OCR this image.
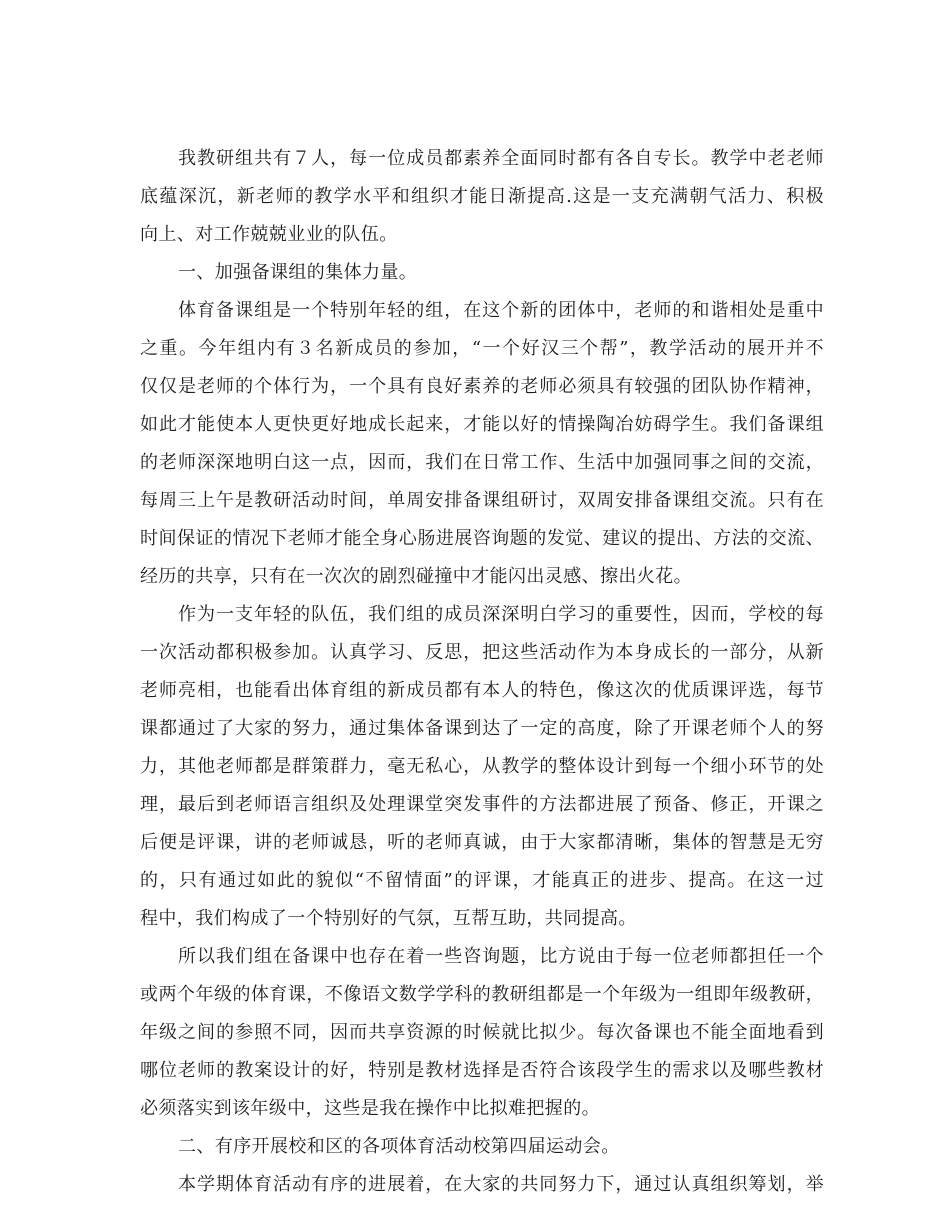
我教研组共有７人，每一位成员都素养全面同时都有各自专长。教学中老老师
底蕴深沉，新老师的教学水平和组织才能日渐提高.这是一支充满朝气活力、积极
向上、对工作兢兢业业的队伍。
一、加强备课组的集体力量。
体育备课组是一个特别年轻的组，在这个新的团体中，老师的和谐相处是重中
之重。今年组内有３名新成员的参加，“一个好汉三个帮”，教学活动的展开并不
仅仅是老师的个体行为，一个具有良好素养的老师必须具有较强的团队协作精神，
如此才能使本人更快更好地成长起来，才能以好的情操陶冶妨碍学生。我们备课组
的老师深深地明白这一点，因而，我们在日常工作、生活中加强同事之间的交流，
每周三上午是教研活动时间，单周安排备课组研讨，双周安排备课组交流。只有在
时间保证的情况下老师才能全身心肠进展咨询题的发觉、建议的提出、方法的交流、
经历的共享，只有在一次次的剧烈碰撞中才能闪出灵感、擦出火花。
作为一支年轻的队伍，我们组的成员深深明白学习的重要性，因而，学校的每
一次活动都积极参加。认真学习、反思，把这些活动作为本身成长的一部分，从新
老师亮相，也能看出体育组的新成员都有本人的特色，像这次的优质课评选，每节
课都通过了大家的努力，通过集体备课到达了一定的高度，除了开课老师个人的努
力，其他老师都是群策群力，毫无私心，从教学的整体设计到每一个细小环节的处
理，最后到老师语言组织及处理课堂突发事件的方法都进展了预备、修正，开课之
后便是评课，讲的老师诚恳，听的老师真诚，由于大家都清晰，集体的智慧是无穷
的，只有通过如此的貌似“不留情面”的评课，才能真正的进步、提高。在这一过
程中，我们构成了一个特别好的气氛，互帮互助，共同提高。
所以我们组在备课中也存在着一些咨询题，比方说由于每一位老师都担任一个
或两个年级的体育课，不像语文数学学科的教研组都是一个年级为一组即年级教研，
年级之间的参照不同，因而共享资源的时候就比拟少。每次备课也不能全面地看到
哪位老师的教案设计的好，特别是教材选择是否符合该段学生的需求以及哪些教材
必须落实到该年级中，这些是我在操作中比拟难把握的。
二、有序开展校和区的各项体育活动校第四届运动会。
本学期体育活动有序的进展着，在大家的共同努力下，通过认真组织筹划，举
